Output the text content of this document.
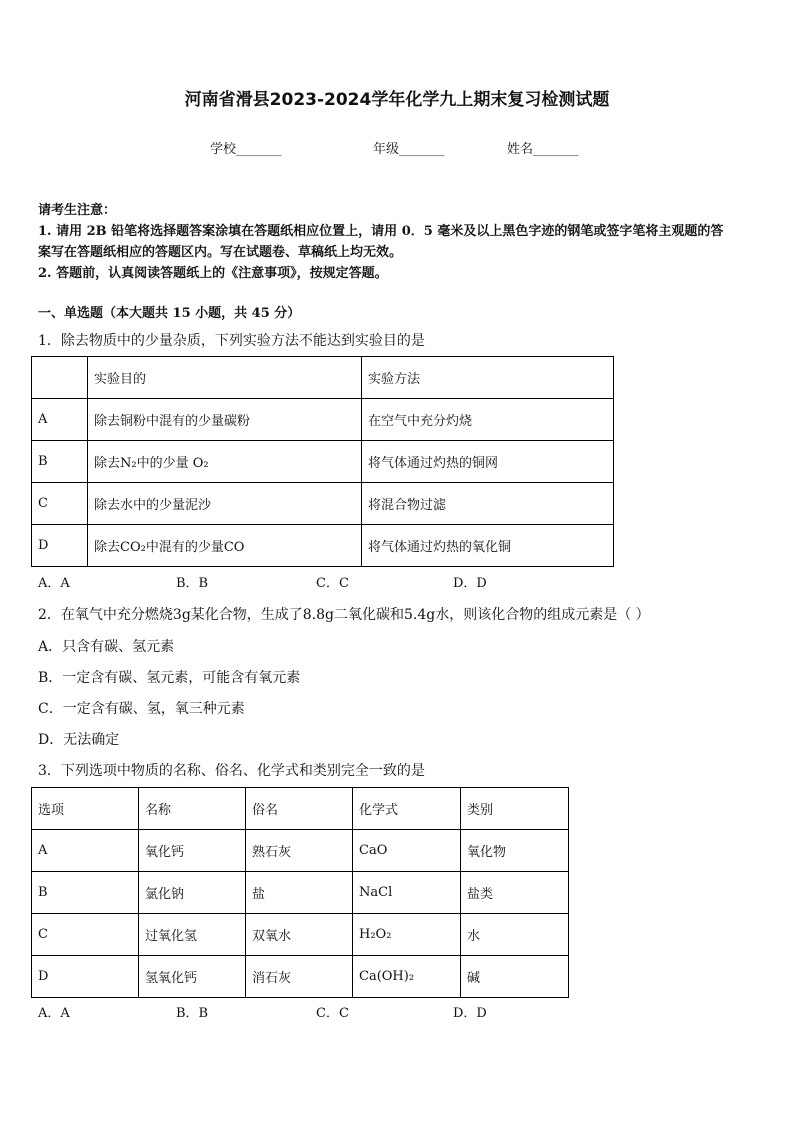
河南省滑县2023-2024学年化学九上期末复习检测试题
学校_______	年级_______	姓名_______
请考生注意：
1. 请用 2B 铅笔将选择题答案涂填在答题纸相应位置上，请用 0．5 毫米及以上黑色字迹的钢笔或签字笔将主观题的答
案写在答题纸相应的答题区内。写在试题卷、草稿纸上均无效。
2. 答题前，认真阅读答题纸上的《注意事项》，按规定答题。
一、单选题（本大题共 15 小题，共 45 分）
1．除去物质中的少量杂质，下列实验方法不能达到实验目的是
	实验目的	实验方法
A	除去铜粉中混有的少量碳粉	在空气中充分灼烧
B	除去N₂中的少量 O₂	将气体通过灼热的铜网
C	除去水中的少量泥沙	将混合物过滤
D	除去CO₂中混有的少量CO	将气体通过灼热的氧化铜
A．A	B．B	C．C	D．D
2．在氧气中充分燃烧3g某化合物，生成了8.8g二氧化碳和5.4g水，则该化合物的组成元素是（ ）
A．只含有碳、氢元素
B．一定含有碳、氢元素，可能含有氧元素
C．一定含有碳、氢，氧三种元素
D．无法确定
3．下列选项中物质的名称、俗名、化学式和类别完全一致的是
选项	名称	俗名	化学式	类别
A	氧化钙	熟石灰	CaO	氧化物
B	氯化钠	盐	NaCl	盐类
C	过氧化氢	双氧水	H₂O₂	水
D	氢氧化钙	消石灰	Ca(OH)₂	碱
A．A	B．B	C．C	D．D
